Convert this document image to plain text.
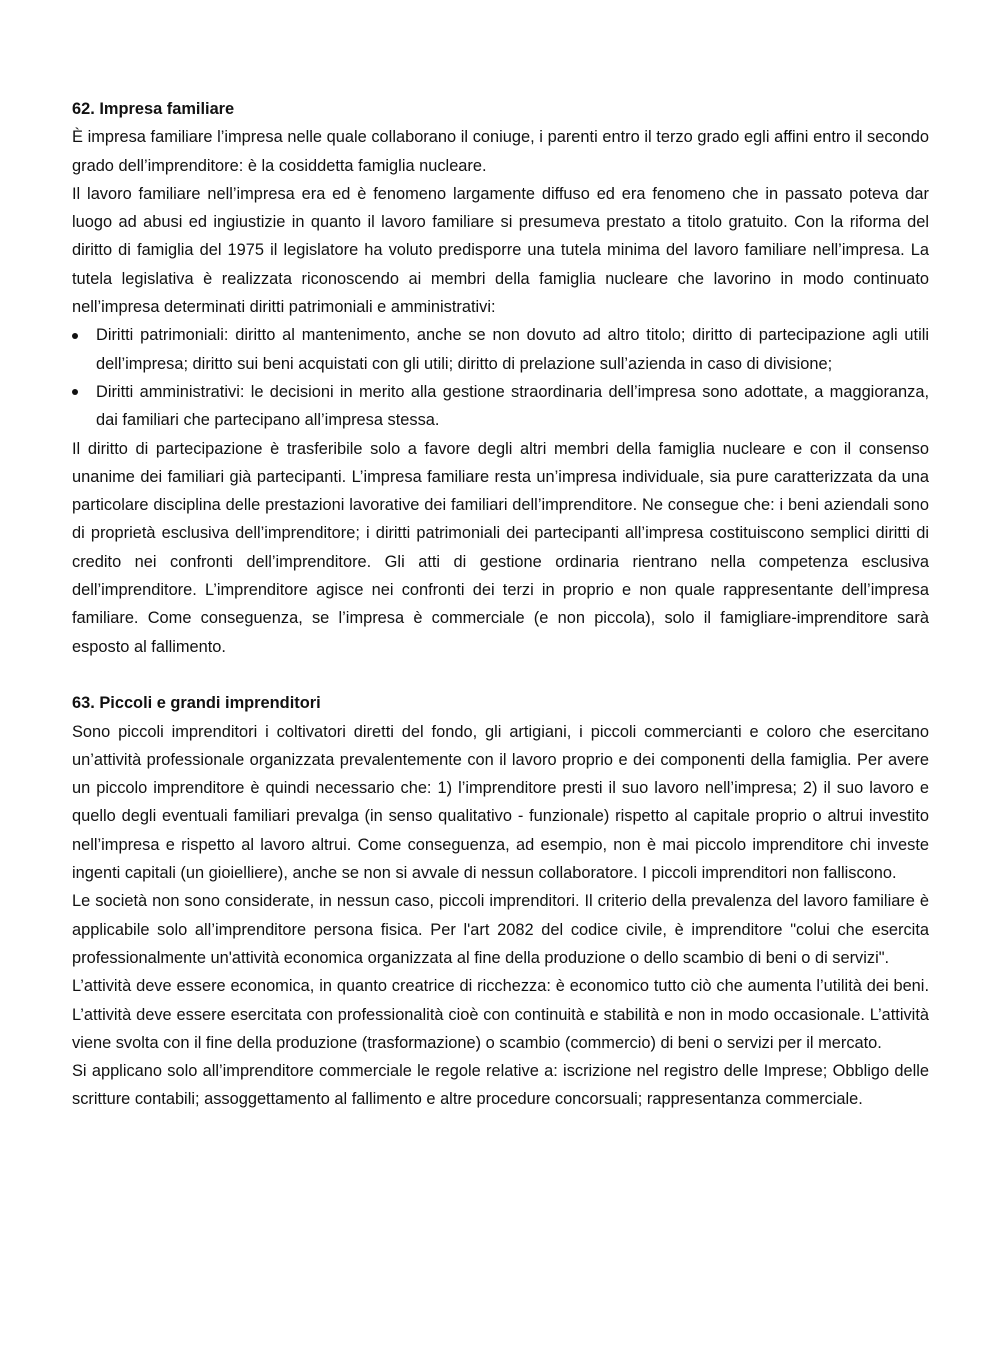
62. Impresa familiare

È impresa familiare l’impresa nelle quale collaborano il coniuge, i parenti entro il terzo grado egli affini entro il secondo grado dell’imprenditore: è la cosiddetta famiglia nucleare.

Il lavoro familiare nell’impresa era ed è fenomeno largamente diffuso ed era fenomeno che in passato poteva dar luogo ad abusi ed ingiustizie in quanto il lavoro familiare si presumeva prestato a titolo gratuito. Con la riforma del diritto di famiglia del 1975 il legislatore ha voluto predisporre una tutela minima del lavoro familiare nell’impresa. La tutela legislativa è realizzata riconoscendo ai membri della famiglia nucleare che lavorino in modo continuato nell’impresa determinati diritti patrimoniali e amministrativi:

Diritti patrimoniali: diritto al mantenimento, anche se non dovuto ad altro titolo; diritto di partecipazione agli utili dell’impresa; diritto sui beni acquistati con gli utili; diritto di prelazione sull’azienda in caso di divisione;
Diritti amministrativi: le decisioni in merito alla gestione straordinaria dell’impresa sono adottate, a maggioranza, dai familiari che partecipano all’impresa stessa.

Il diritto di partecipazione è trasferibile solo a favore degli altri membri della famiglia nucleare e con il consenso unanime dei familiari già partecipanti. L’impresa familiare resta un’impresa individuale, sia pure caratterizzata da una particolare disciplina delle prestazioni lavorative dei familiari dell’imprenditore. Ne consegue che: i beni aziendali sono di proprietà esclusiva dell’imprenditore; i diritti patrimoniali dei partecipanti all’impresa costituiscono semplici diritti di credito nei confronti dell’imprenditore. Gli atti di gestione ordinaria rientrano nella competenza esclusiva dell’imprenditore. L’imprenditore agisce nei confronti dei terzi in proprio e non quale rappresentante dell’impresa familiare. Come conseguenza, se l’impresa è commerciale (e non piccola), solo il famigliare-imprenditore sarà esposto al fallimento.

63. Piccoli e grandi imprenditori

Sono piccoli imprenditori i coltivatori diretti del fondo, gli artigiani, i piccoli commercianti e coloro che esercitano un’attività professionale organizzata prevalentemente con il lavoro proprio e dei componenti della famiglia. Per avere un piccolo imprenditore è quindi necessario che: 1) l’imprenditore presti il suo lavoro nell’impresa; 2) il suo lavoro e quello degli eventuali familiari prevalga (in senso qualitativo - funzionale) rispetto al capitale proprio o altrui investito nell’impresa e rispetto al lavoro altrui. Come conseguenza, ad esempio, non è mai piccolo imprenditore chi investe ingenti capitali (un gioielliere), anche se non si avvale di nessun collaboratore. I piccoli imprenditori non falliscono.

Le società non sono considerate, in nessun caso, piccoli imprenditori. Il criterio della prevalenza del lavoro familiare è applicabile solo all’imprenditore persona fisica. Per l'art 2082 del codice civile, è imprenditore "colui che esercita professionalmente un'attività economica organizzata al fine della produzione o dello scambio di beni o di servizi".

L’attività deve essere economica, in quanto creatrice di ricchezza: è economico tutto ciò che aumenta l’utilità dei beni. L’attività deve essere esercitata con professionalità cioѐ con continuità e stabilità e non in modo occasionale. L’attività viene svolta con il fine della produzione (trasformazione) o scambio (commercio) di beni o servizi per il mercato.

Si applicano solo all’imprenditore commerciale le regole relative a: iscrizione nel registro delle Imprese; Obbligo delle scritture contabili; assoggettamento al fallimento e altre procedure concorsuali; rappresentanza commerciale.
